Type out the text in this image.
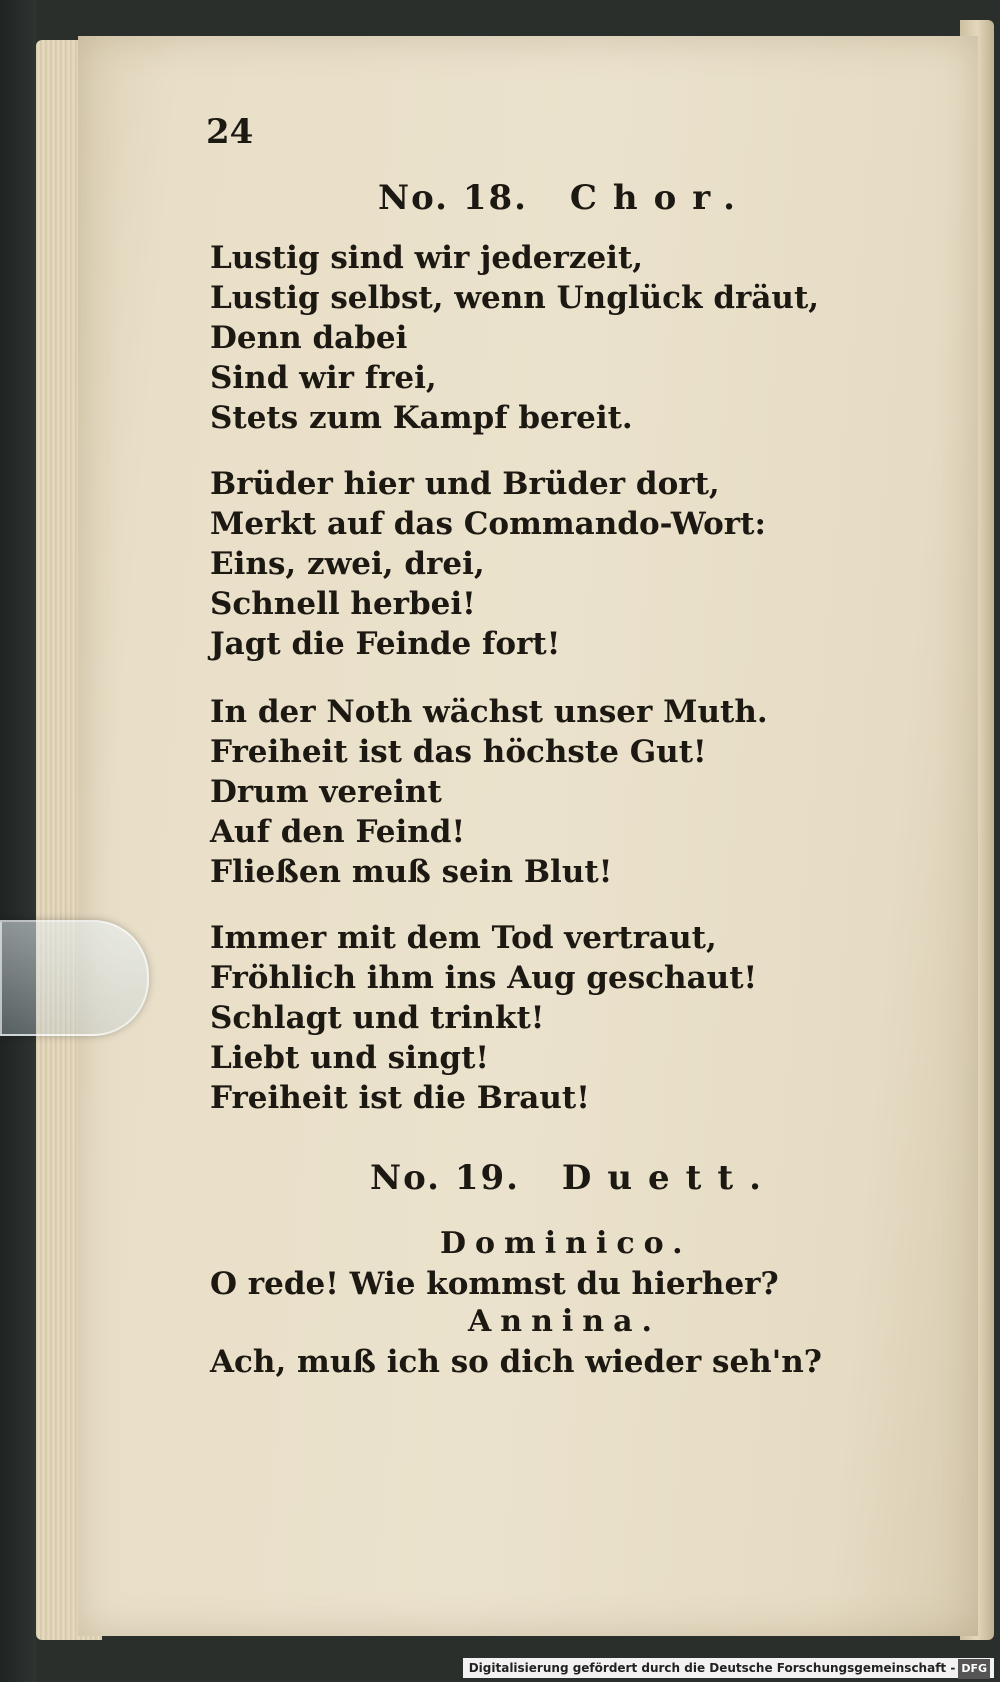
24
No. 18. Chor.
Lustig sind wir jederzeit,
Lustig selbst, wenn Unglück dräut,
Denn dabei
Sind wir frei,
Stets zum Kampf bereit.
Brüder hier und Brüder dort,
Merkt auf das Commando-Wort:
Eins, zwei, drei,
Schnell herbei!
Jagt die Feinde fort!
In der Noth wächst unser Muth.
Freiheit ist das höchste Gut!
Drum vereint
Auf den Feind!
Fließen muß sein Blut!
Immer mit dem Tod vertraut,
Fröhlich ihm ins Aug geschaut!
Schlagt und trinkt!
Liebt und singt!
Freiheit ist die Braut!
No. 19. Duett.
Dominico.
O rede! Wie kommst du hierher?
Annina.
Ach, muß ich so dich wieder seh'n?
Digitalisierung gefördert durch die Deutsche Forschungsgemeinschaft - DFG
